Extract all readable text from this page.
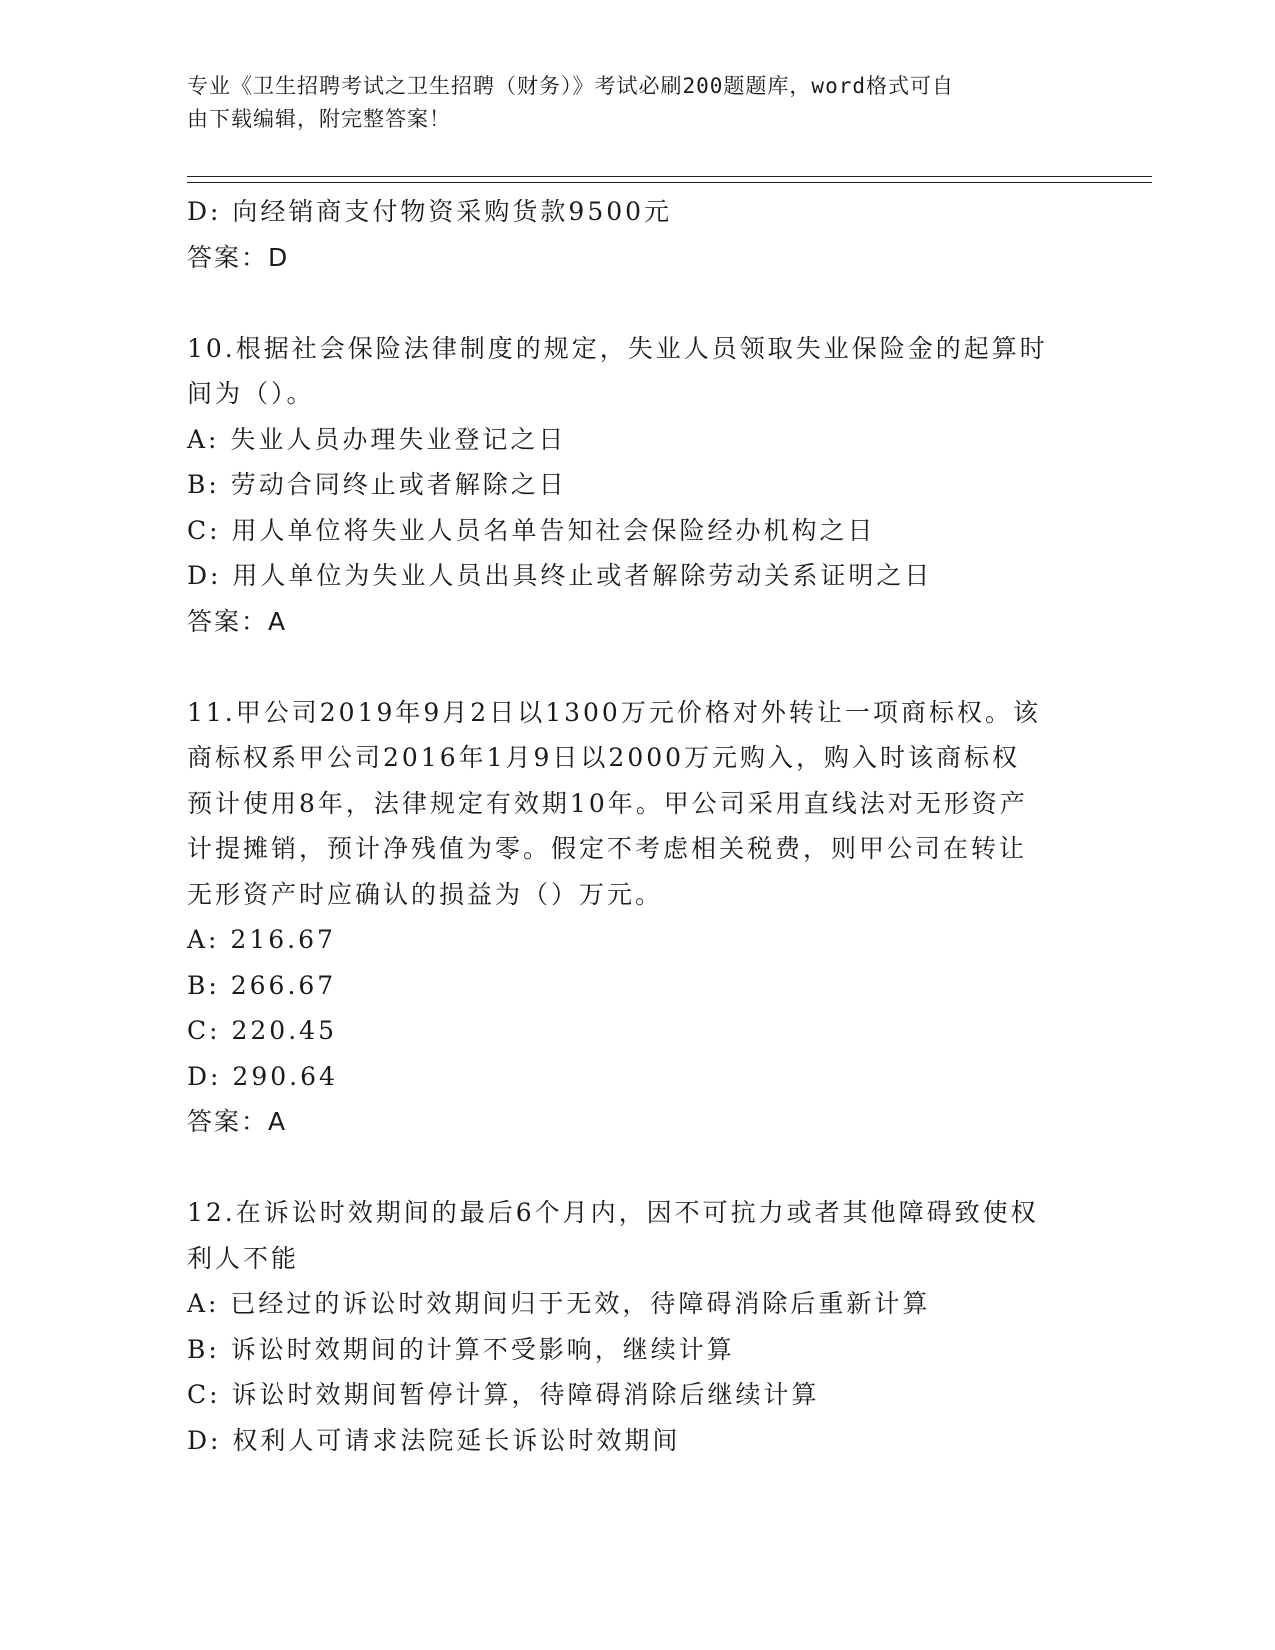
专业《卫生招聘考试之卫生招聘（财务）》考试必刷200题题库，word格式可自
由下载编辑，附完整答案！
D: 向经销商支付物资采购货款9500元
答案：D
10.根据社会保险法律制度的规定，失业人员领取失业保险金的起算时
间为（）。
A: 失业人员办理失业登记之日
B: 劳动合同终止或者解除之日
C: 用人单位将失业人员名单告知社会保险经办机构之日
D: 用人单位为失业人员出具终止或者解除劳动关系证明之日
答案：A
11.甲公司2019年9月2日以1300万元价格对外转让一项商标权。该
商标权系甲公司2016年1月9日以2000万元购入，购入时该商标权
预计使用8年，法律规定有效期10年。甲公司采用直线法对无形资产
计提摊销，预计净残值为零。假定不考虑相关税费，则甲公司在转让
无形资产时应确认的损益为（）万元。
A: 216.67
B: 266.67
C: 220.45
D: 290.64
答案：A
12.在诉讼时效期间的最后6个月内，因不可抗力或者其他障碍致使权
利人不能
A: 已经过的诉讼时效期间归于无效，待障碍消除后重新计算
B: 诉讼时效期间的计算不受影响，继续计算
C: 诉讼时效期间暂停计算，待障碍消除后继续计算
D: 权利人可请求法院延长诉讼时效期间
